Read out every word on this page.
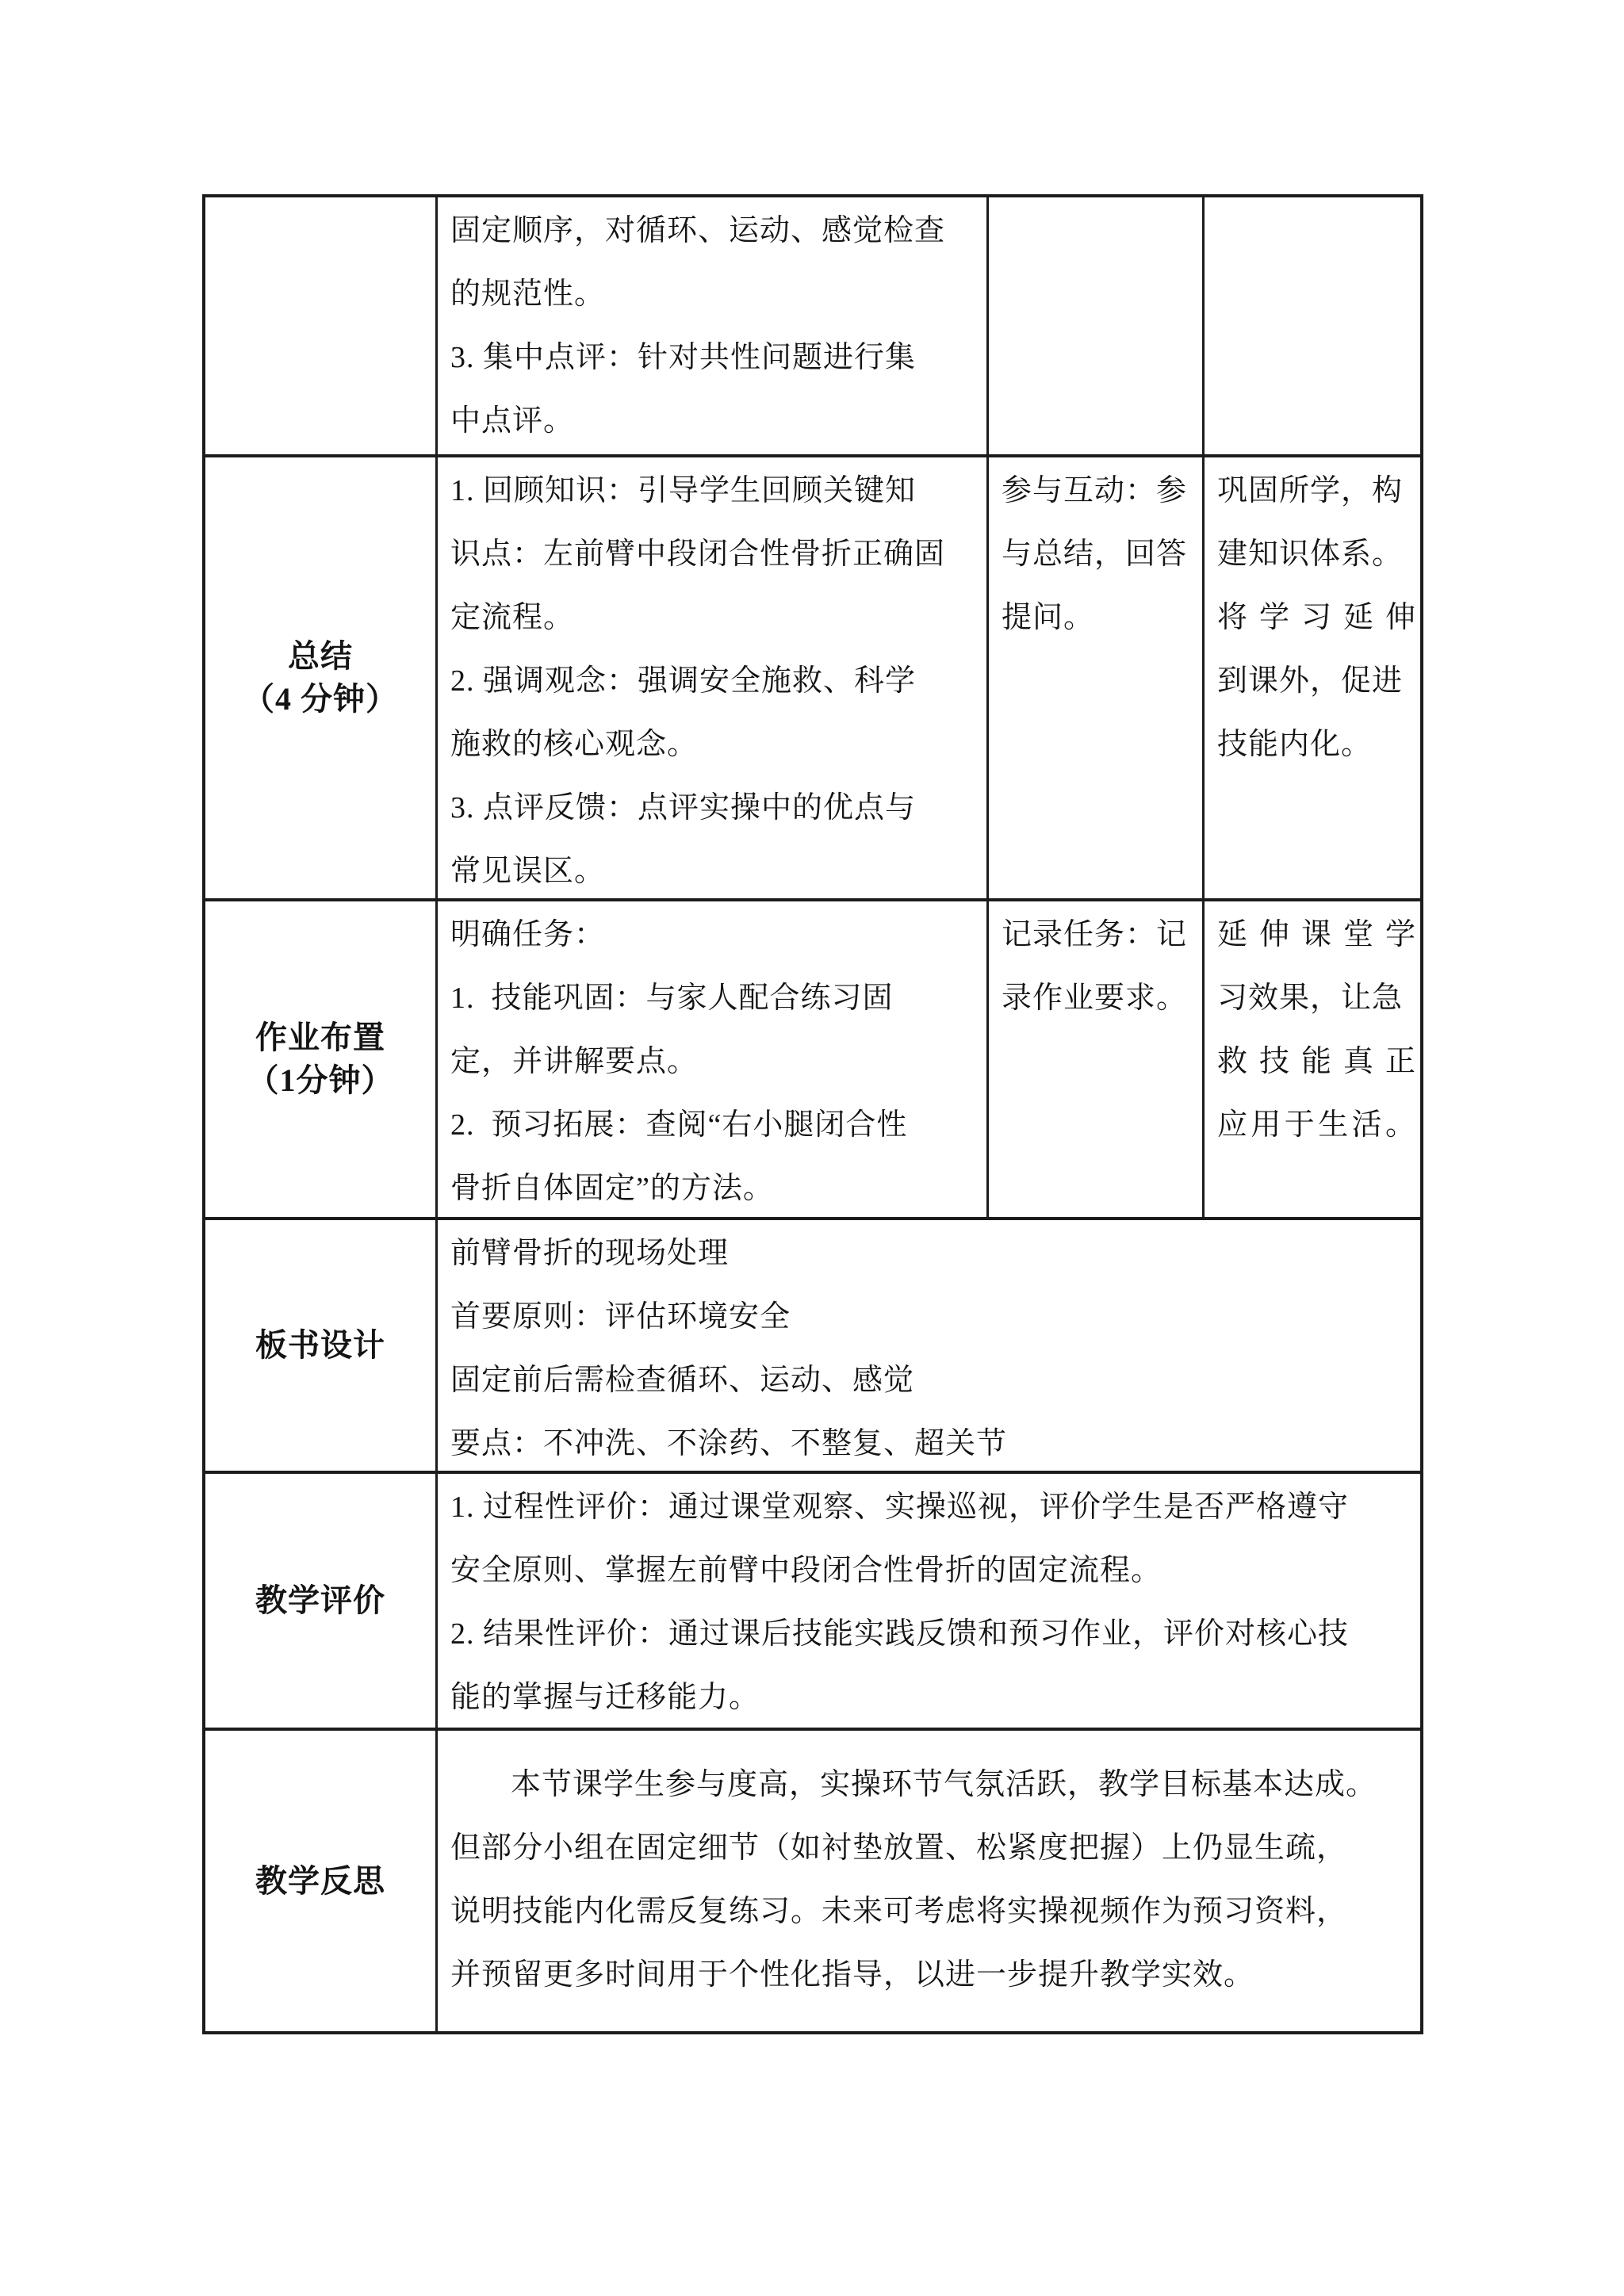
固定顺序，对循环、运动、感觉检查
的规范性。
3. 集中点评：针对共性问题进行集
中点评。
总结
（4 分钟）
1. 回顾知识：引导学生回顾关键知
识点：左前臂中段闭合性骨折正确固
定流程。
2. 强调观念：强调安全施救、科学
施救的核心观念。
3. 点评反馈：点评实操中的优点与
常见误区。
参与互动：参
与总结，回答
提问。
巩固所学，构
建知识体系。
将学习延伸
到课外，促进
技能内化。
作业布置
（1分钟）
明确任务：
1.  技能巩固：与家人配合练习固
定，并讲解要点。
2.  预习拓展：查阅“右小腿闭合性
骨折自体固定”的方法。
记录任务：记
录作业要求。
延伸课堂学
习效果，让急
救技能真正
应用于生活。
板书设计
前臂骨折的现场处理
首要原则：评估环境安全
固定前后需检查循环、运动、感觉
要点：不冲洗、不涂药、不整复、超关节
教学评价
1. 过程性评价：通过课堂观察、实操巡视，评价学生是否严格遵守
安全原则、掌握左前臂中段闭合性骨折的固定流程。
2. 结果性评价：通过课后技能实践反馈和预习作业，评价对核心技
能的掌握与迁移能力。
教学反思
本节课学生参与度高，实操环节气氛活跃，教学目标基本达成。
但部分小组在固定细节（如衬垫放置、松紧度把握）上仍显生疏，
说明技能内化需反复练习。未来可考虑将实操视频作为预习资料，
并预留更多时间用于个性化指导，以进一步提升教学实效。
